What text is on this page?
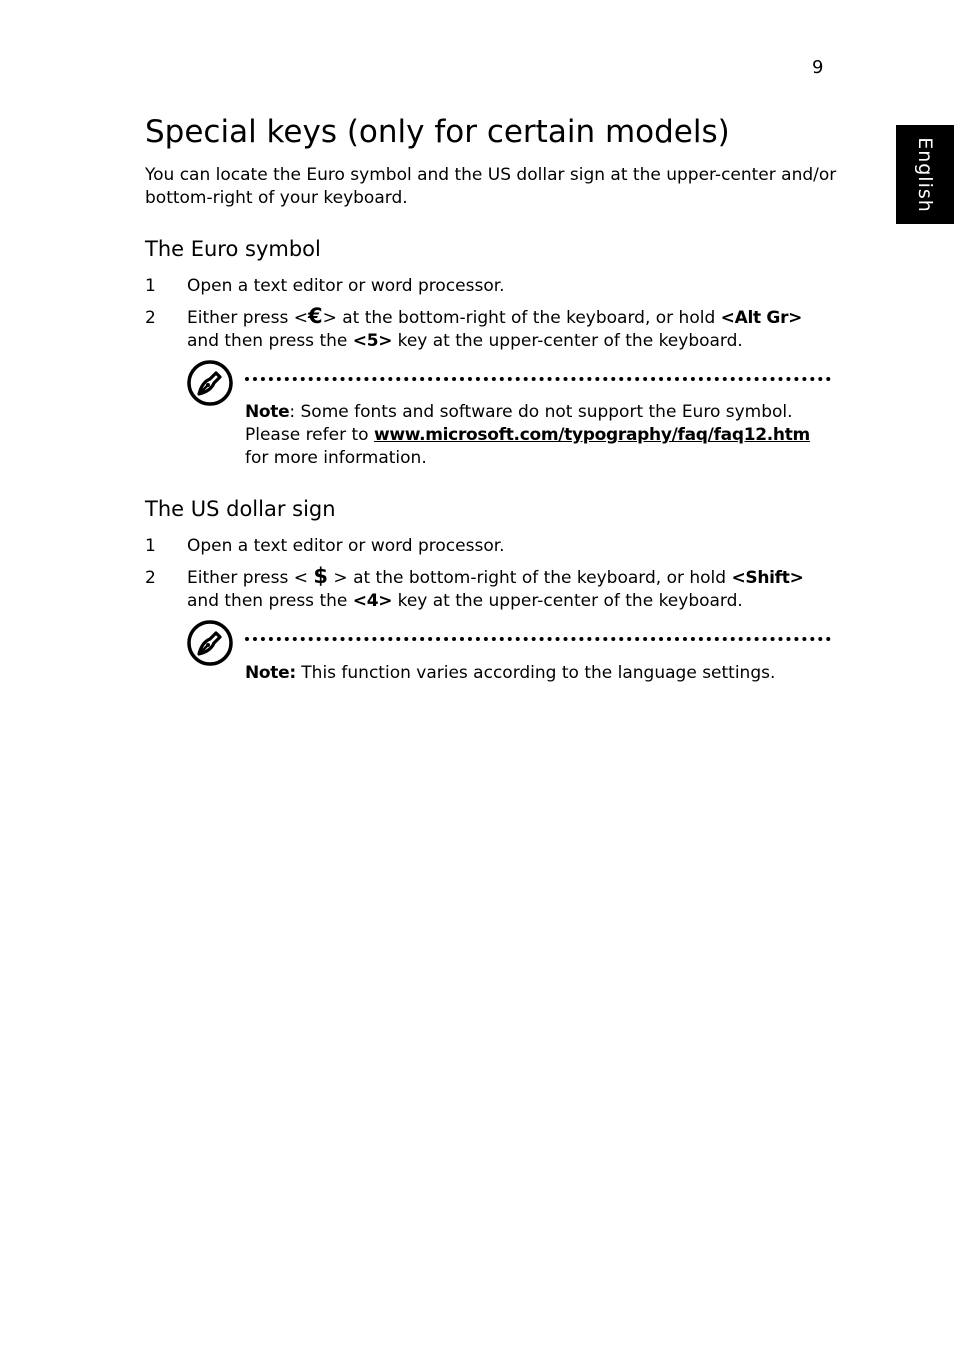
9
English
Special keys (only for certain models)

You can locate the Euro symbol and the US dollar sign at the upper-center and/or bottom-right of your keyboard.

The Euro symbol
1 Open a text editor or word processor.
2 Either press <€> at the bottom-right of the keyboard, or hold <Alt Gr> and then press the <5> key at the upper-center of the keyboard.
Note: Some fonts and software do not support the Euro symbol. Please refer to www.microsoft.com/typography/faq/faq12.htm for more information.
The US dollar sign
1 Open a text editor or word processor.
2 Either press < $ > at the bottom-right of the keyboard, or hold <Shift> and then press the <4> key at the upper-center of the keyboard.
Note: This function varies according to the language settings.
